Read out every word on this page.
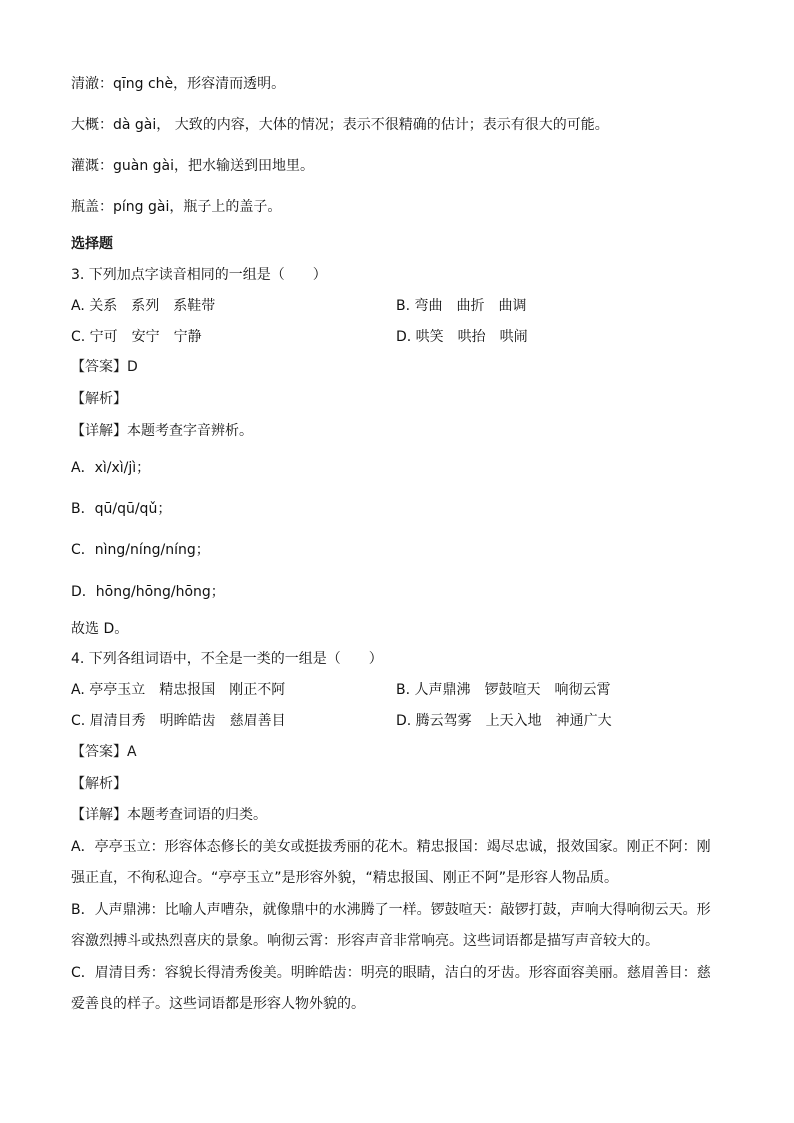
清澈：qīng chè，形容清而透明。
大概：dà gài， 大致的内容，大体的情况；表示不很精确的估计；表示有很大的可能。
灌溉：guàn gài，把水输送到田地里。
瓶盖：píng gài，瓶子上的盖子。
选择题
3. 下列加点字读音相同的一组是（　　）
A. 关系　系列　系鞋带	B. 弯曲　曲折　曲调
C. 宁可　安宁　宁静	D. 哄笑　哄抬　哄闹
【答案】D
【解析】
【详解】本题考查字音辨析。
A．xì/xì/jì；
B．qū/qū/qǔ；
C．nìng/níng/níng；
D．hōng/hōng/hōng；
故选 D。
4. 下列各组词语中，不全是一类的一组是（　　）
A. 亭亭玉立　精忠报国　刚正不阿	B. 人声鼎沸　锣鼓喧天　响彻云霄
C. 眉清目秀　明眸皓齿　慈眉善目	D. 腾云驾雾　上天入地　神通广大
【答案】A
【解析】
【详解】本题考查词语的归类。
A．亭亭玉立：形容体态修长的美女或挺拔秀丽的花木。精忠报国：竭尽忠诚，报效国家。刚正不阿：刚强正直，不徇私迎合。“亭亭玉立”是形容外貌，“精忠报国、刚正不阿”是形容人物品质。
B．人声鼎沸：比喻人声嘈杂，就像鼎中的水沸腾了一样。锣鼓喧天：敲锣打鼓，声响大得响彻云天。形容激烈搏斗或热烈喜庆的景象。响彻云霄：形容声音非常响亮。这些词语都是描写声音较大的。
C．眉清目秀：容貌长得清秀俊美。明眸皓齿：明亮的眼睛，洁白的牙齿。形容面容美丽。慈眉善目：慈爱善良的样子。这些词语都是形容人物外貌的。
